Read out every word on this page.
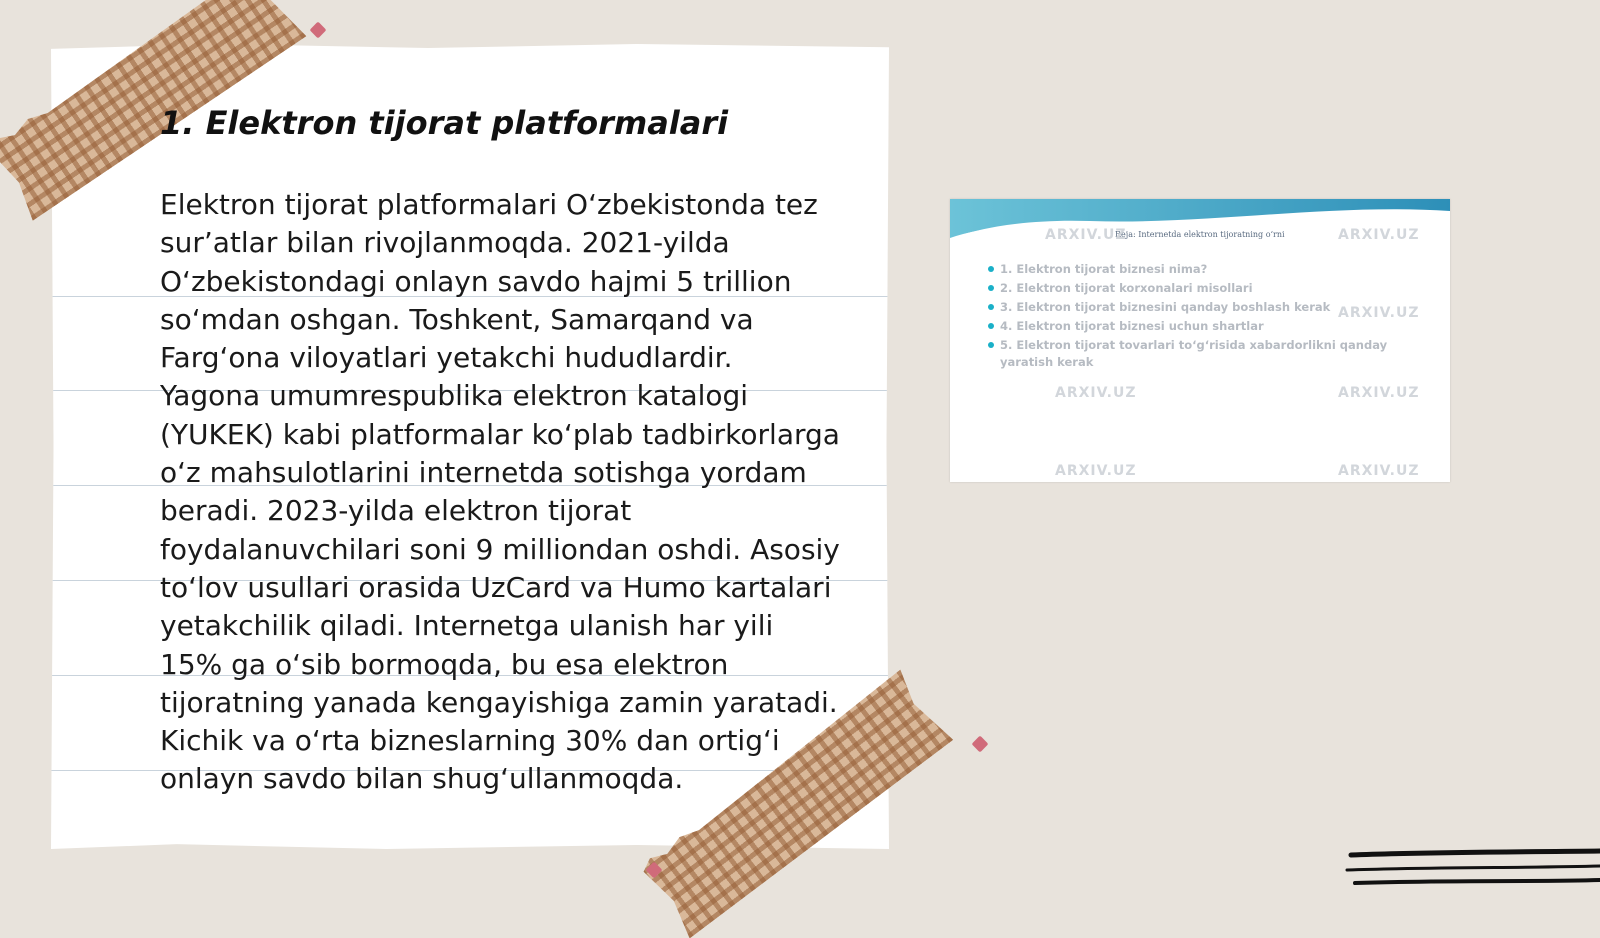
1. Elektron tijorat platformalari

Elektron tijorat platformalari O‘zbekistonda tez sur’atlar bilan rivojlanmoqda. 2021-yilda O‘zbekistondagi onlayn savdo hajmi 5 trillion so‘mdan oshgan. Toshkent, Samarqand va Farg‘ona viloyatlari yetakchi hududlardir. Yagona umumrespublika elektron katalogi (YUKEK) kabi platformalar ko‘plab tadbirkorlarga o‘z mahsulotlarini internetda sotishga yordam beradi. 2023-yilda elektron tijorat foydalanuvchilari soni 9 milliondan oshdi. Asosiy to‘lov usullari orasida UzCard va Humo kartalari yetakchilik qiladi. Internetga ulanish har yili 15% ga o‘sib bormoqda, bu esa elektron tijoratning yanada kengayishiga zamin yaratadi. Kichik va o‘rta bizneslarning 30% dan ortig‘i onlayn savdo bilan shug‘ullanmoqda.

Rejа: Internetda elektron tijoratning o‘rni
1. Elektron tijorat biznesi nima?
2. Elektron tijorat korxonalari misollari
3. Elektron tijorat biznesini qanday boshlash kerak
4. Elektron tijorat biznesi uchun shartlar
5. Elektron tijorat tovarlari to‘g‘risida xabardorlikni qanday yaratish kerak
ARXIV.UZ	ARXIV.UZ
ARXIV.UZ
ARXIV.UZ	ARXIV.UZ
ARXIV.UZ	ARXIV.UZ
